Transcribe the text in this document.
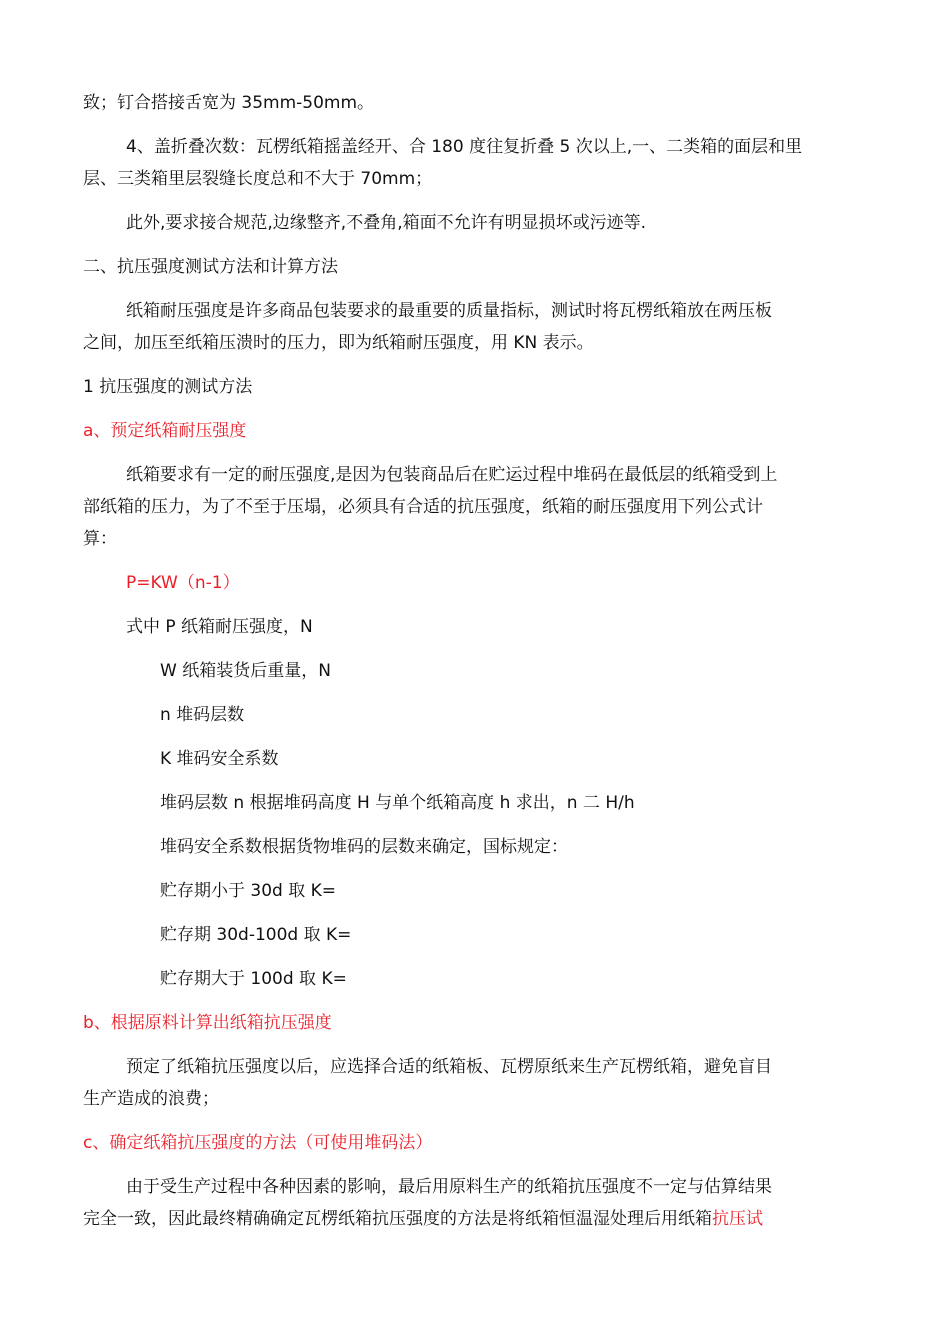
致；钉合搭接舌宽为 35mm-50mm。
4、盖折叠次数：瓦楞纸箱摇盖经开、合 180 度往复折叠 5 次以上,一、二类箱的面层和里
层、三类箱里层裂缝长度总和不大于 70mm；
此外,要求接合规范,边缘整齐,不叠角,箱面不允许有明显损坏或污迹等.
二、抗压强度测试方法和计算方法
纸箱耐压强度是许多商品包装要求的最重要的质量指标，测试时将瓦楞纸箱放在两压板
之间，加压至纸箱压溃时的压力，即为纸箱耐压强度，用 KN 表示。
1 抗压强度的测试方法
a、预定纸箱耐压强度
纸箱要求有一定的耐压强度,是因为包装商品后在贮运过程中堆码在最低层的纸箱受到上
部纸箱的压力，为了不至于压塌，必须具有合适的抗压强度，纸箱的耐压强度用下列公式计
算：
P=KW（n-1）
式中 P 纸箱耐压强度，N
W 纸箱装货后重量，N
n 堆码层数
K 堆码安全系数
堆码层数 n 根据堆码高度 H 与单个纸箱高度 h 求出，n 二 H/h
堆码安全系数根据货物堆码的层数来确定，国标规定：
贮存期小于 30d 取 K=
贮存期 30d-100d 取 K=
贮存期大于 100d 取 K=
b、根据原料计算出纸箱抗压强度
预定了纸箱抗压强度以后，应选择合适的纸箱板、瓦楞原纸来生产瓦楞纸箱，避免盲目
生产造成的浪费；
c、确定纸箱抗压强度的方法（可使用堆码法）
由于受生产过程中各种因素的影响，最后用原料生产的纸箱抗压强度不一定与估算结果
完全一致，因此最终精确确定瓦楞纸箱抗压强度的方法是将纸箱恒温湿处理后用纸箱抗压试
